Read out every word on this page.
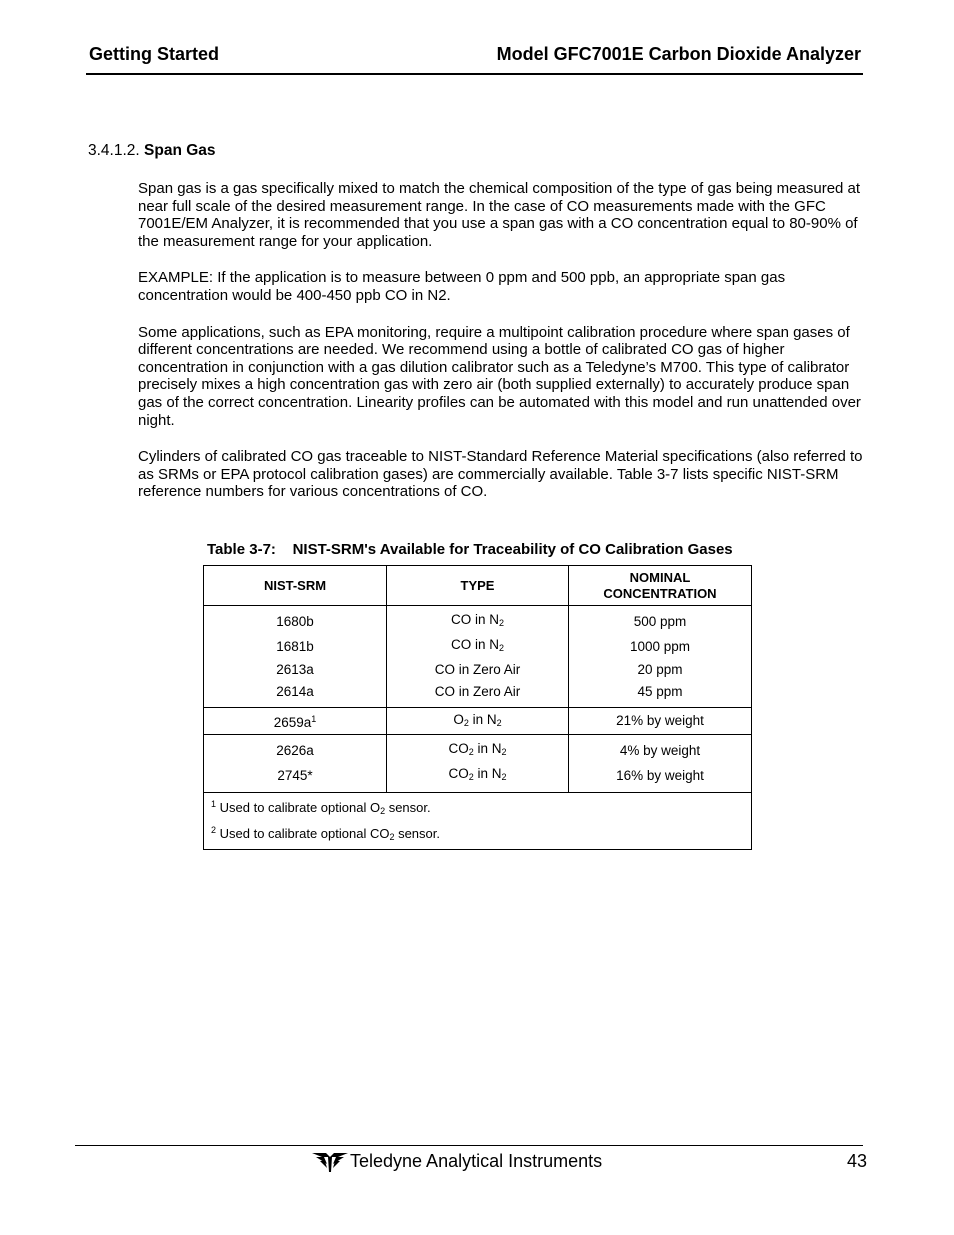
Getting Started	Model GFC7001E Carbon Dioxide Analyzer
3.4.1.2. Span Gas

Span gas is a gas specifically mixed to match the chemical composition of the type of gas being measured at near full scale of the desired measurement range. In the case of CO measurements made with the GFC 7001E/EM Analyzer, it is recommended that you use a span gas with a CO concentration equal to 80-90% of the measurement range for your application.

EXAMPLE: If the application is to measure between 0 ppm and 500 ppb, an appropriate span gas concentration would be 400-450 ppb CO in N2.

Some applications, such as EPA monitoring, require a multipoint calibration procedure where span gases of different concentrations are needed. We recommend using a bottle of calibrated CO gas of higher concentration in conjunction with a gas dilution calibrator such as a Teledyne’s M700. This type of calibrator precisely mixes a high concentration gas with zero air (both supplied externally) to accurately produce span gas of the correct concentration. Linearity profiles can be automated with this model and run unattended over night.

Cylinders of calibrated CO gas traceable to NIST-Standard Reference Material specifications (also referred to as SRMs or EPA protocol calibration gases) are commercially available. Table 3-7 lists specific NIST-SRM reference numbers for various concentrations of CO.

Table 3-7:    NIST-SRM's Available for Traceability of CO Calibration Gases
NIST-SRM	TYPE	NOMINAL
CONCENTRATION
1680b	CO in $N_2$	500 ppm
1681b	CO in $N_2$	1000 ppm
2613a	CO in Zero Air	20 ppm
2614a	CO in Zero Air	45 ppm
$2659a^1$	$O_2$ in $N_2$	21% by weight
2626a	$CO_2$ in $N_2$	4% by weight
2745*	$CO_2$ in $N_2$	16% by weight

$^1$ Used to calibrate optional $O_2$ sensor.
$^2$ Used to calibrate optional $CO_2$ sensor.		
Teledyne Analytical Instruments	43
